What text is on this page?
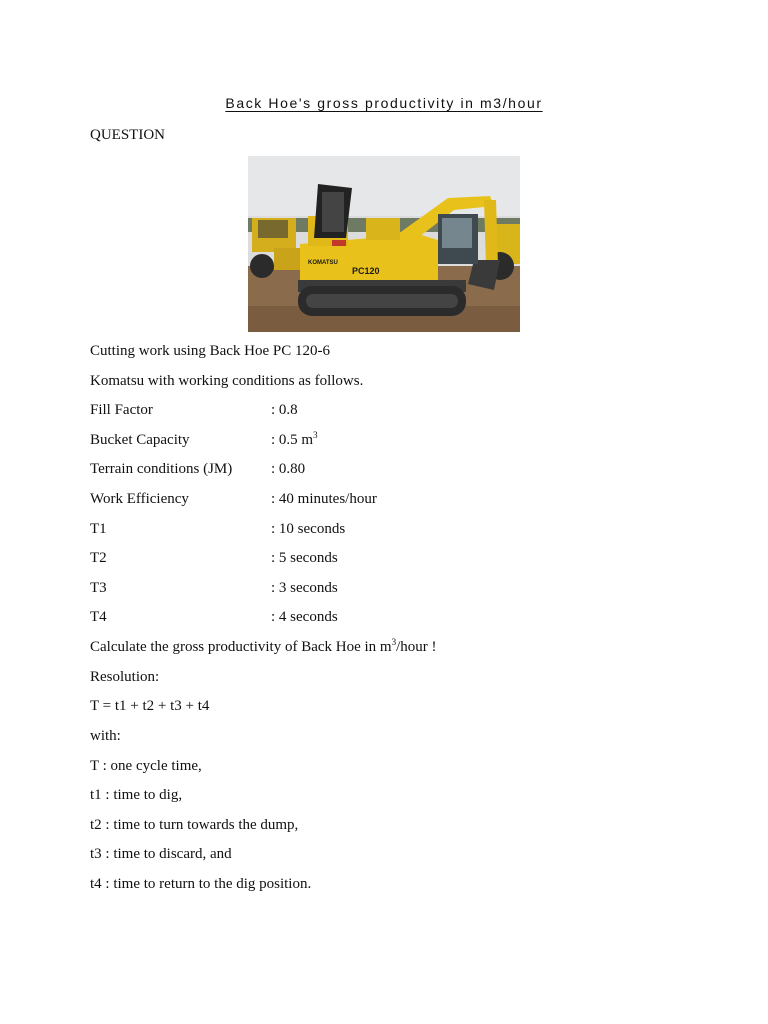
Back Hoe's gross productivity in m3/hour
QUESTION
KOMATSU
PC120
Cutting work using Back Hoe PC 120-6
Komatsu with working conditions as follows.
Fill Factor	: 0.8
Bucket Capacity	: 0.5 $m^3$
Terrain conditions (JM)	: 0.80
Work Efficiency	: 40 minutes/hour
T1	: 10 seconds
T2	: 5 seconds
T3	: 3 seconds
T4	: 4 seconds
Calculate the gross productivity of Back Hoe in $m^3$/hour !
Resolution:
T = t1 + t2 + t3 + t4
with:
T : one cycle time,
t1 : time to dig,
t2 : time to turn towards the dump,
t3 : time to discard, and
t4 : time to return to the dig position.
